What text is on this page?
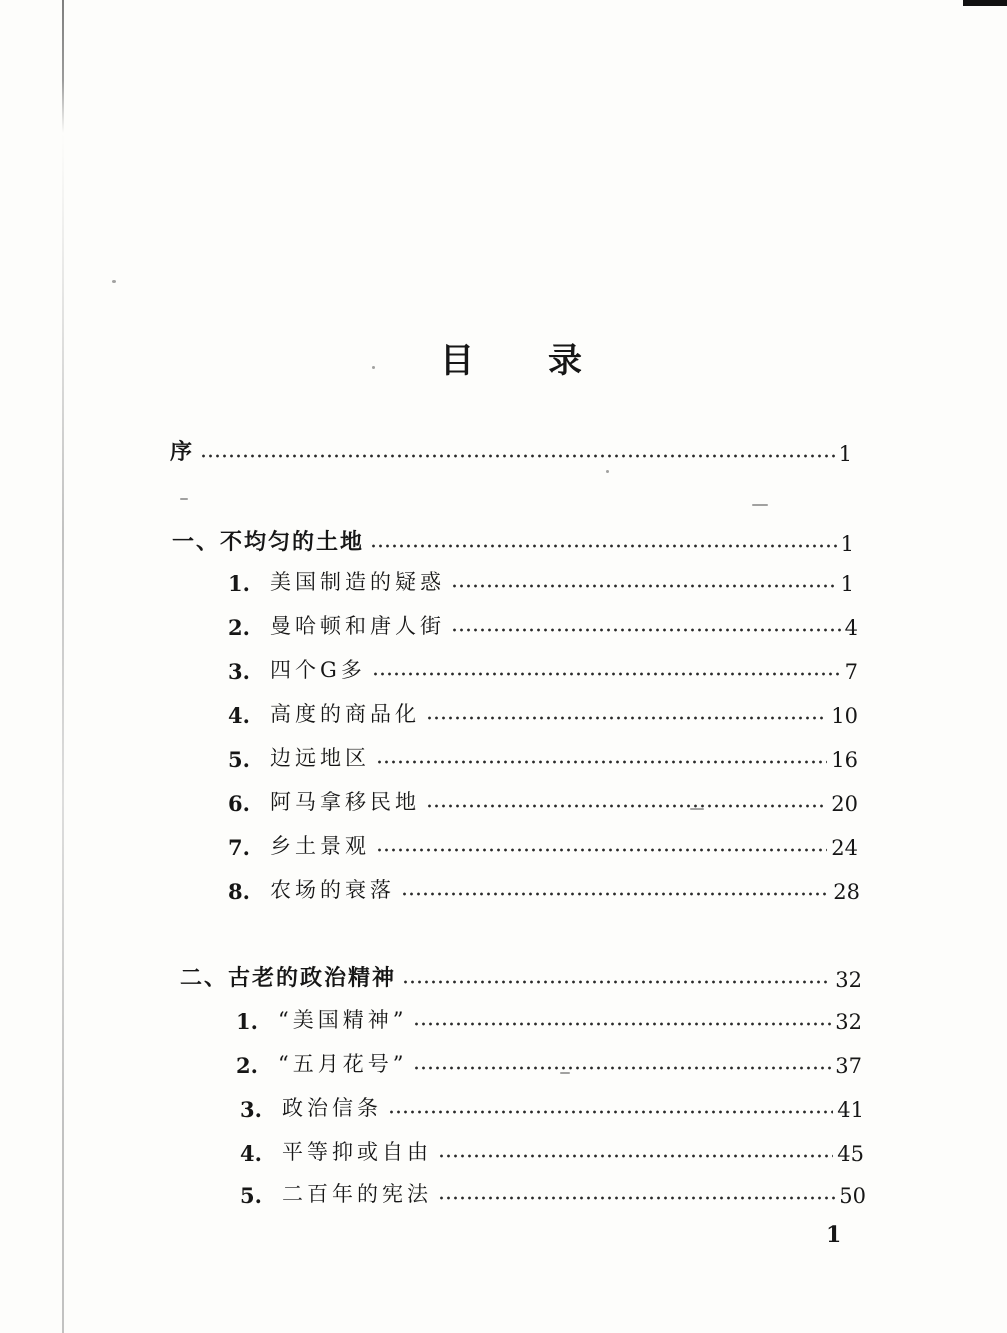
目 录
序	1
一、不均匀的土地	1
1. 美国制造的疑惑	1
2. 曼哈顿和唐人街	4
3. 四个G多	7
4. 高度的商品化	10
5. 边远地区	16
6. 阿马拿移民地	20
7. 乡土景观	24
8. 农场的衰落	28
二、古老的政治精神	32
1. “美国精神”	32
2. “五月花号”	37
3. 政治信条	41
4. 平等抑或自由	45
5. 二百年的宪法	50
1
